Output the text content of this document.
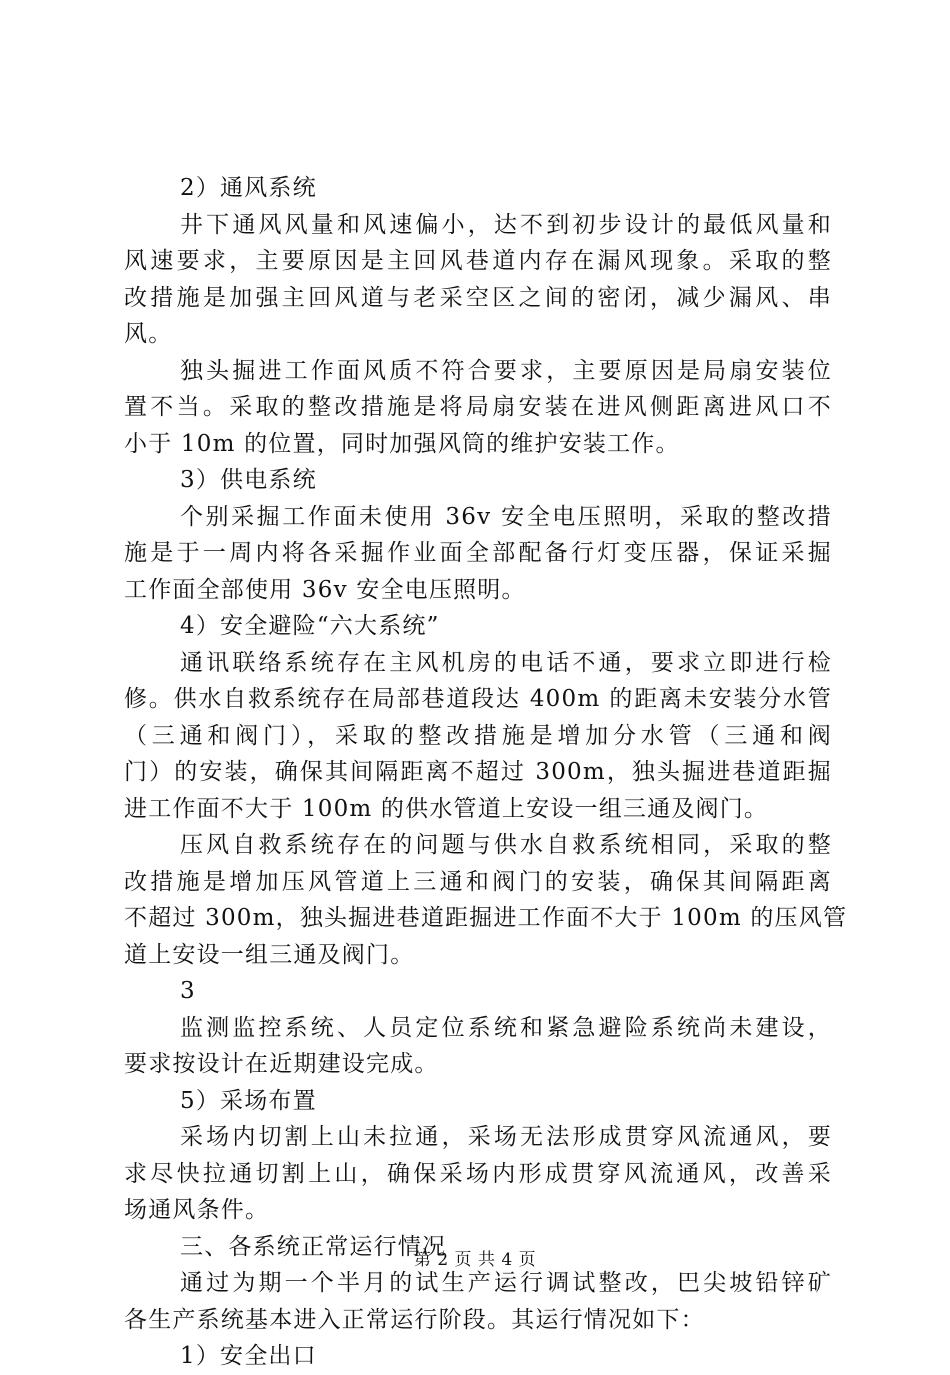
2）通风系统
井下通风风量和风速偏小，达不到初步设计的最低风量和
风速要求，主要原因是主回风巷道内存在漏风现象。采取的整
改措施是加强主回风道与老采空区之间的密闭，减少漏风、串
风。
独头掘进工作面风质不符合要求，主要原因是局扇安装位
置不当。采取的整改措施是将局扇安装在进风侧距离进风口不
小于 10m 的位置，同时加强风筒的维护安装工作。
3）供电系统
个别采掘工作面未使用 36v 安全电压照明，采取的整改措
施是于一周内将各采掘作业面全部配备行灯变压器，保证采掘
工作面全部使用 36v 安全电压照明。
4）安全避险“六大系统”
通讯联络系统存在主风机房的电话不通，要求立即进行检
修。供水自救系统存在局部巷道段达 400m 的距离未安装分水管
（三通和阀门），采取的整改措施是增加分水管（三通和阀
门）的安装，确保其间隔距离不超过 300m，独头掘进巷道距掘
进工作面不大于 100m 的供水管道上安设一组三通及阀门。
压风自救系统存在的问题与供水自救系统相同，采取的整
改措施是增加压风管道上三通和阀门的安装，确保其间隔距离
不超过 300m，独头掘进巷道距掘进工作面不大于 100m 的压风管
道上安设一组三通及阀门。
3
监测监控系统、人员定位系统和紧急避险系统尚未建设，
要求按设计在近期建设完成。
5）采场布置
采场内切割上山未拉通，采场无法形成贯穿风流通风，要
求尽快拉通切割上山，确保采场内形成贯穿风流通风，改善采
场通风条件。
三、各系统正常运行情况
通过为期一个半月的试生产运行调试整改，巴尖坡铅锌矿
各生产系统基本进入正常运行阶段。其运行情况如下：
1）安全出口
第 2 页 共 4 页
